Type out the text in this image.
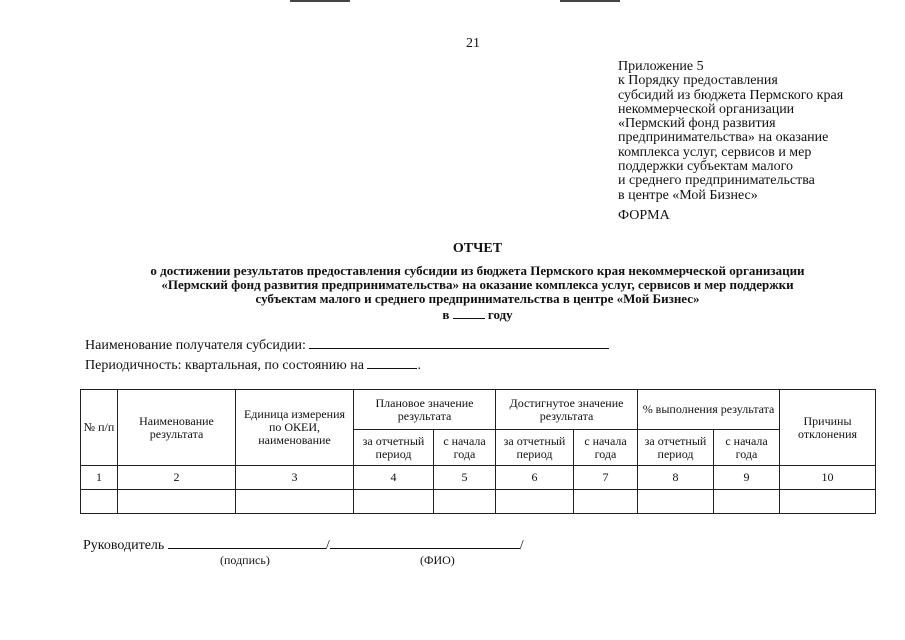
21
Приложение 5
к Порядку предоставления
субсидий из бюджета Пермского края
некоммерческой организации
«Пермский фонд развития
предпринимательства» на оказание
комплекса услуг, сервисов и мер
поддержки субъектам малого
и среднего предпринимательства
в центре «Мой Бизнес»
ФОРМА
ОТЧЕТ
о достижении результатов предоставления субсидии из бюджета Пермского края некоммерческой организации
«Пермский фонд развития предпринимательства» на оказание комплекса услуг, сервисов и мер поддержки
субъектам малого и среднего предпринимательства в центре «Мой Бизнес»
в	году
Наименование получателя субсидии:
Периодичность: квартальная, по состоянию на	.
№ п/п	Наименование результата	Единица измерения по ОКЕИ, наименование	Плановое значение результата		Достигнутое значение результата		% выполнения результата		Причины отклонения
			за отчетный период	с начала года	за отчетный период	с начала года	за отчетный период	с начала года	
1	2	3	4	5	6	7	8	9	10

Руководитель	/	/
(подпись)	(ФИО)
